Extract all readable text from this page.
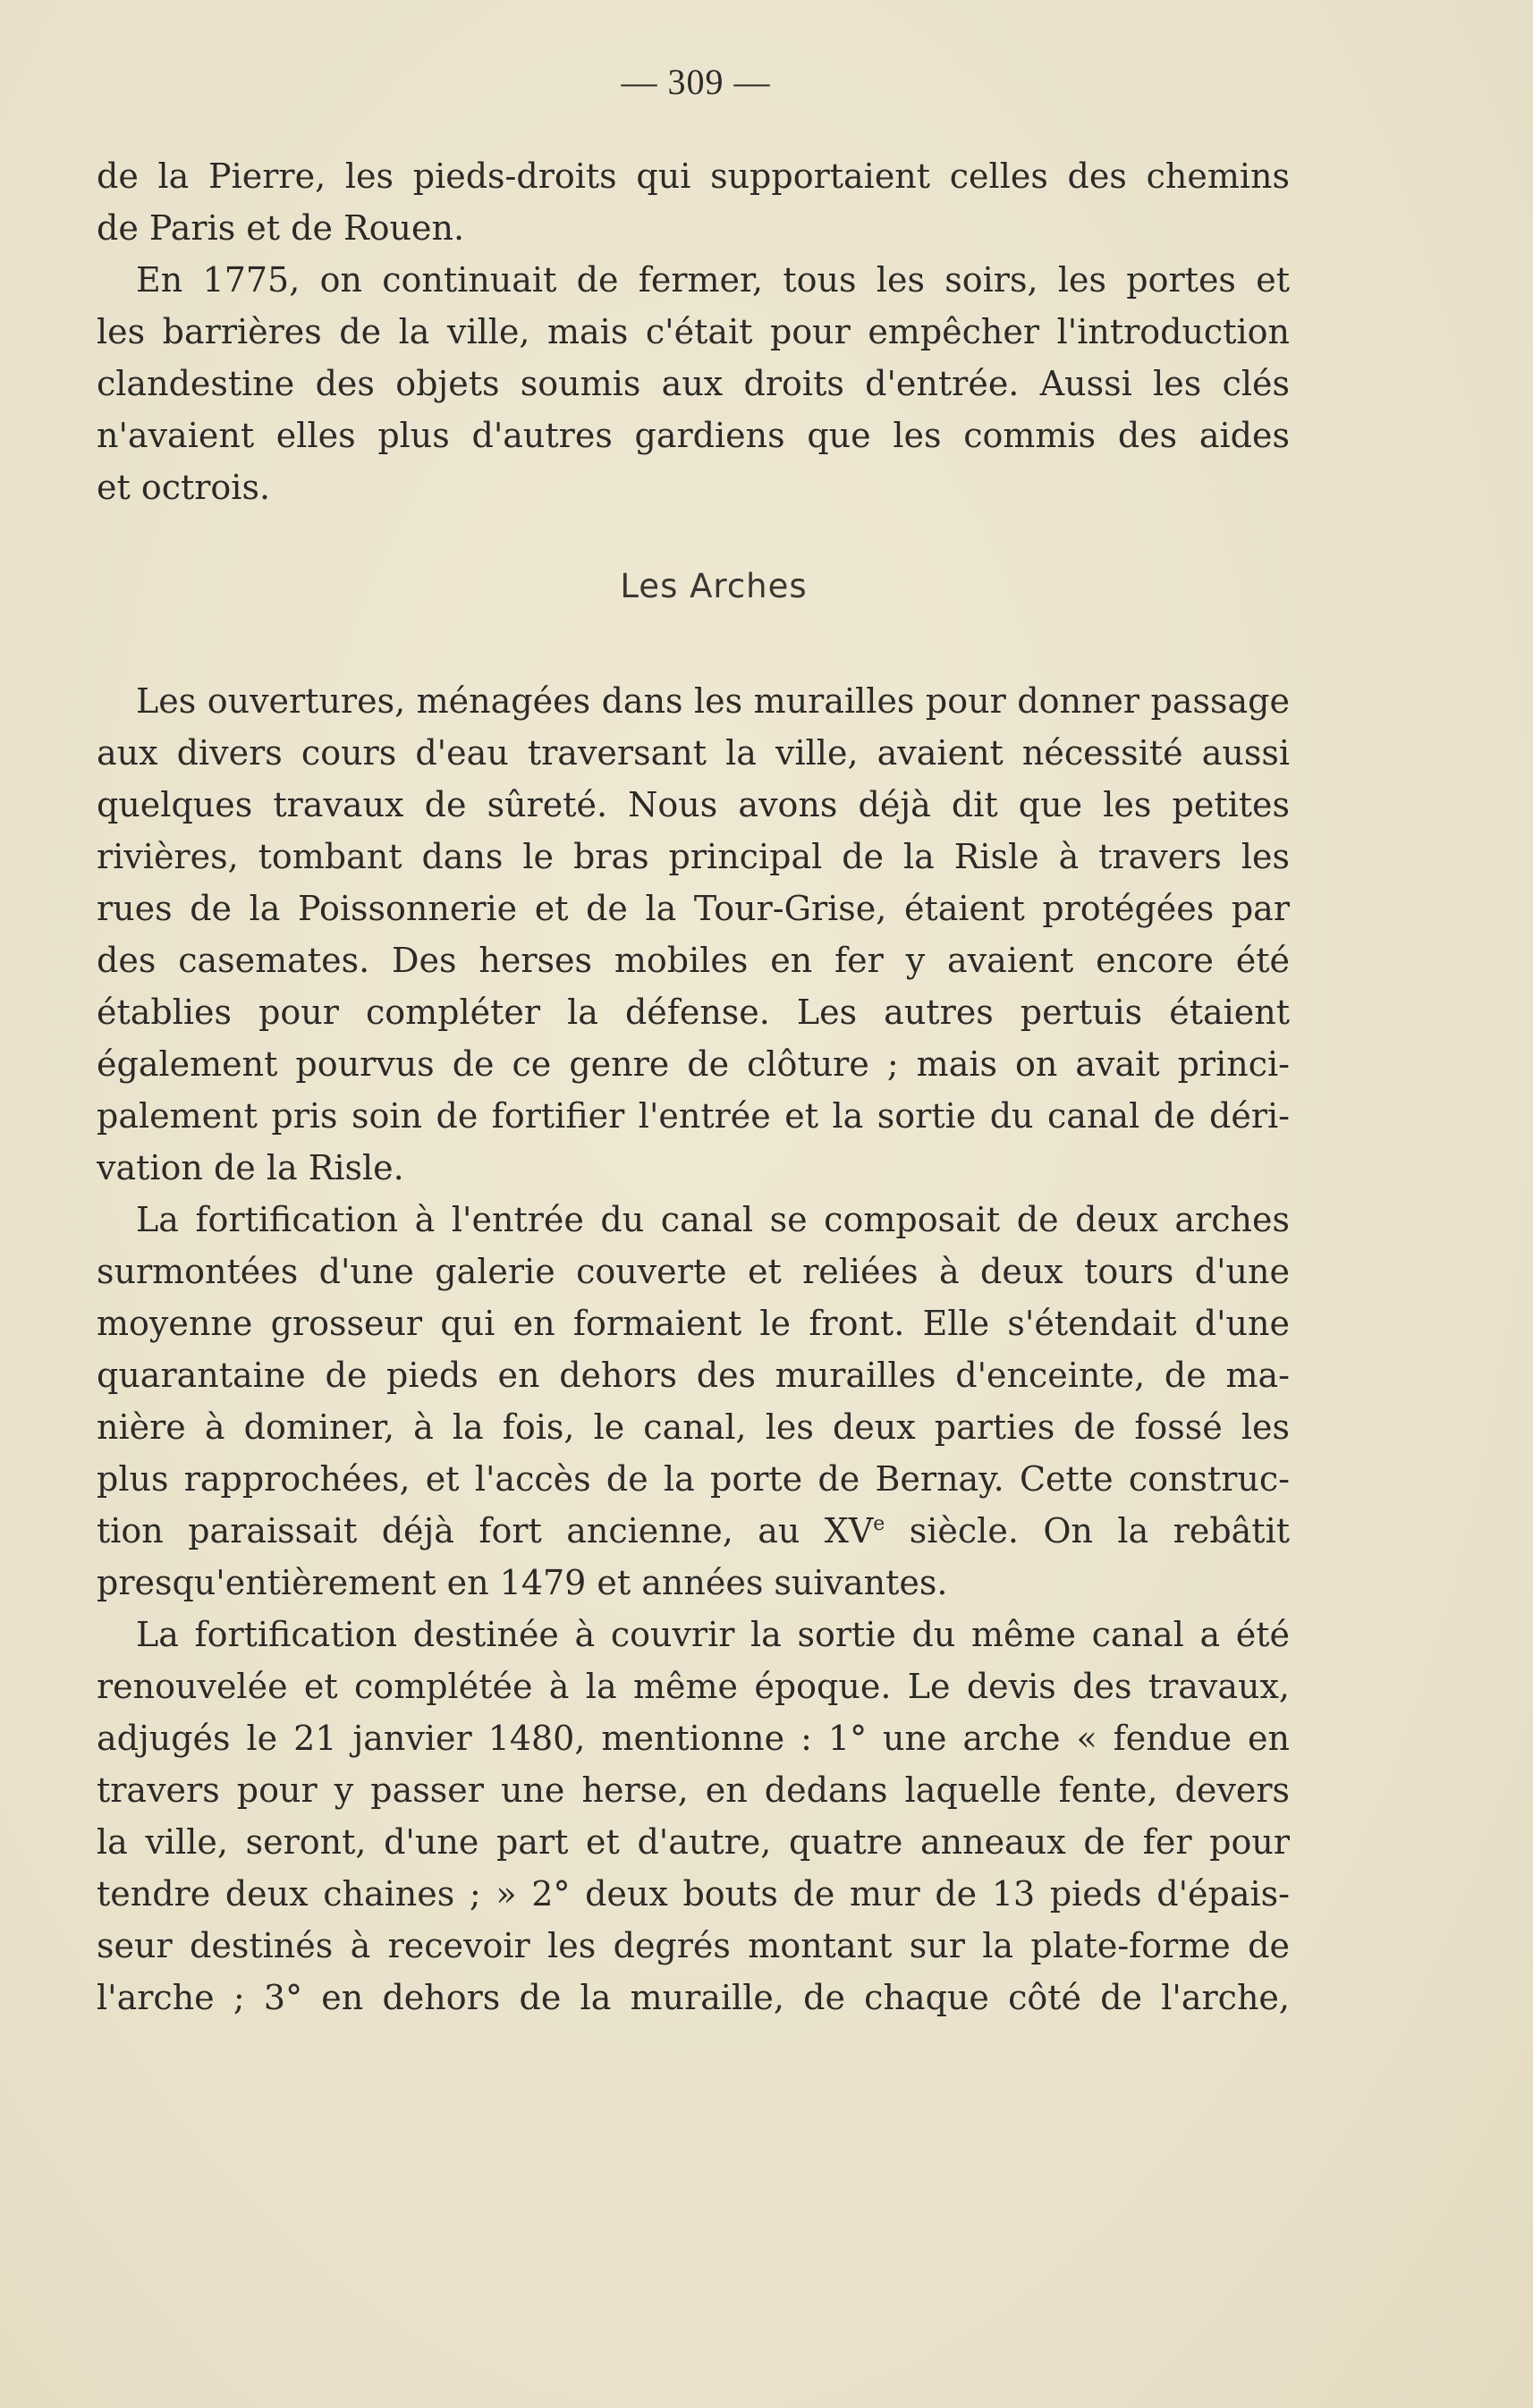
— 309 —
de la Pierre, les pieds-droits qui supportaient celles des chemins
de Paris et de Rouen.
En 1775, on continuait de fermer, tous les soirs, les portes et
les barrières de la ville, mais c'était pour empêcher l'introduction
clandestine des objets soumis aux droits d'entrée. Aussi les clés
n'avaient elles plus d'autres gardiens que les commis des aides
et octrois.
Les Arches
Les ouvertures, ménagées dans les murailles pour donner passage
aux divers cours d'eau traversant la ville, avaient nécessité aussi
quelques travaux de sûreté. Nous avons déjà dit que les petites
rivières, tombant dans le bras principal de la Risle à travers les
rues de la Poissonnerie et de la Tour-Grise, étaient protégées par
des casemates. Des herses mobiles en fer y avaient encore été
établies pour compléter la défense. Les autres pertuis étaient
également pourvus de ce genre de clôture ; mais on avait princi-
palement pris soin de fortifier l'entrée et la sortie du canal de déri-
vation de la Risle.
La fortification à l'entrée du canal se composait de deux arches
surmontées d'une galerie couverte et reliées à deux tours d'une
moyenne grosseur qui en formaient le front. Elle s'étendait d'une
quarantaine de pieds en dehors des murailles d'enceinte, de ma-
nière à dominer, à la fois, le canal, les deux parties de fossé les
plus rapprochées, et l'accès de la porte de Bernay. Cette construc-
tion paraissait déjà fort ancienne, au XVe siècle. On la rebâtit
presqu'entièrement en 1479 et années suivantes.
La fortification destinée à couvrir la sortie du même canal a été
renouvelée et complétée à la même époque. Le devis des travaux,
adjugés le 21 janvier 1480, mentionne : 1° une arche « fendue en
travers pour y passer une herse, en dedans laquelle fente, devers
la ville, seront, d'une part et d'autre, quatre anneaux de fer pour
tendre deux chaines ; » 2° deux bouts de mur de 13 pieds d'épais-
seur destinés à recevoir les degrés montant sur la plate-forme de
l'arche ; 3° en dehors de la muraille, de chaque côté de l'arche,
